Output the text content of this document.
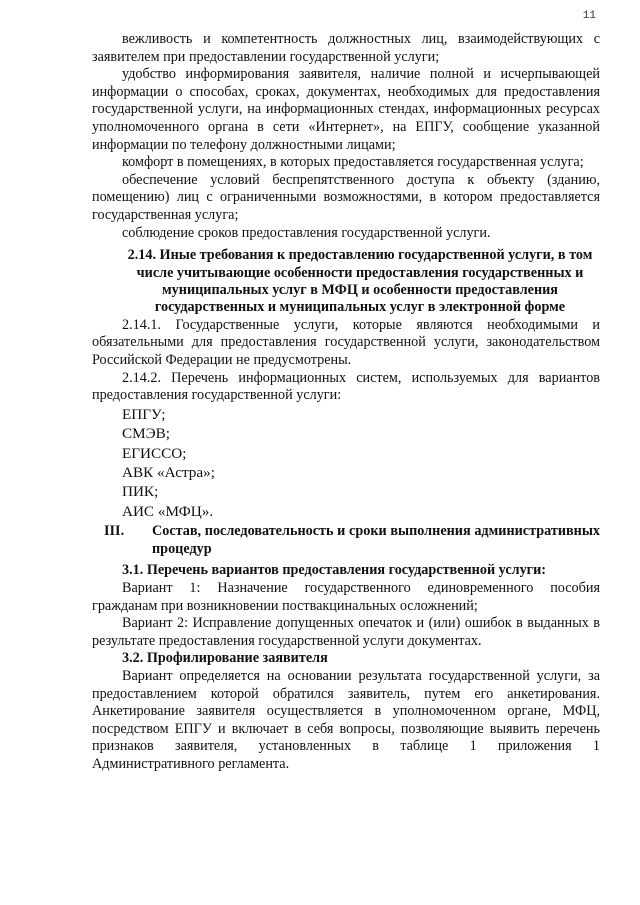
11

вежливость и компетентность должностных лиц, взаимодействующих с заявителем при предоставлении государственной услуги;

удобство информирования заявителя, наличие полной и исчерпывающей информации о способах, сроках, документах, необходимых для предоставления государственной услуги, на информационных стендах, информационных ресурсах уполномоченного органа в сети «Интернет», на ЕПГУ, сообщение указанной информации по телефону должностными лицами;

комфорт в помещениях, в которых предоставляется государственная услуга;

обеспечение условий беспрепятственного доступа к объекту (зданию, помещению) лиц с ограниченными возможностями, в котором предоставляется государственная услуга;

соблюдение сроков предоставления государственной услуги.

2.14. Иные требования к предоставлению государственной услуги, в том числе учитывающие особенности предоставления государственных и муниципальных услуг в МФЦ и особенности предоставления государственных и муниципальных услуг в электронной форме

2.14.1. Государственные услуги, которые являются необходимыми и обязательными для предоставления государственной услуги, законодательством Российской Федерации не предусмотрены.

2.14.2. Перечень информационных систем, используемых для вариантов предоставления государственной услуги:

ЕПГУ;

СМЭВ;

ЕГИССО;

АВК «Астра»;

ПИК;

АИС «МФЦ».

III.	Состав, последовательность и сроки выполнения административных процедур

3.1. Перечень вариантов предоставления государственной услуги:

Вариант 1: Назначение государственного единовременного пособия гражданам при возникновении поствакцинальных осложнений;

Вариант 2: Исправление допущенных опечаток и (или) ошибок в выданных в результате предоставления государственной услуги документах.

3.2. Профилирование заявителя

Вариант определяется на основании результата государственной услуги, за предоставлением которой обратился заявитель, путем его анкетирования. Анкетирование заявителя осуществляется в уполномоченном органе, МФЦ, посредством ЕПГУ и включает в себя вопросы, позволяющие выявить перечень признаков заявителя, установленных в таблице 1 приложения 1 Административного регламента.
